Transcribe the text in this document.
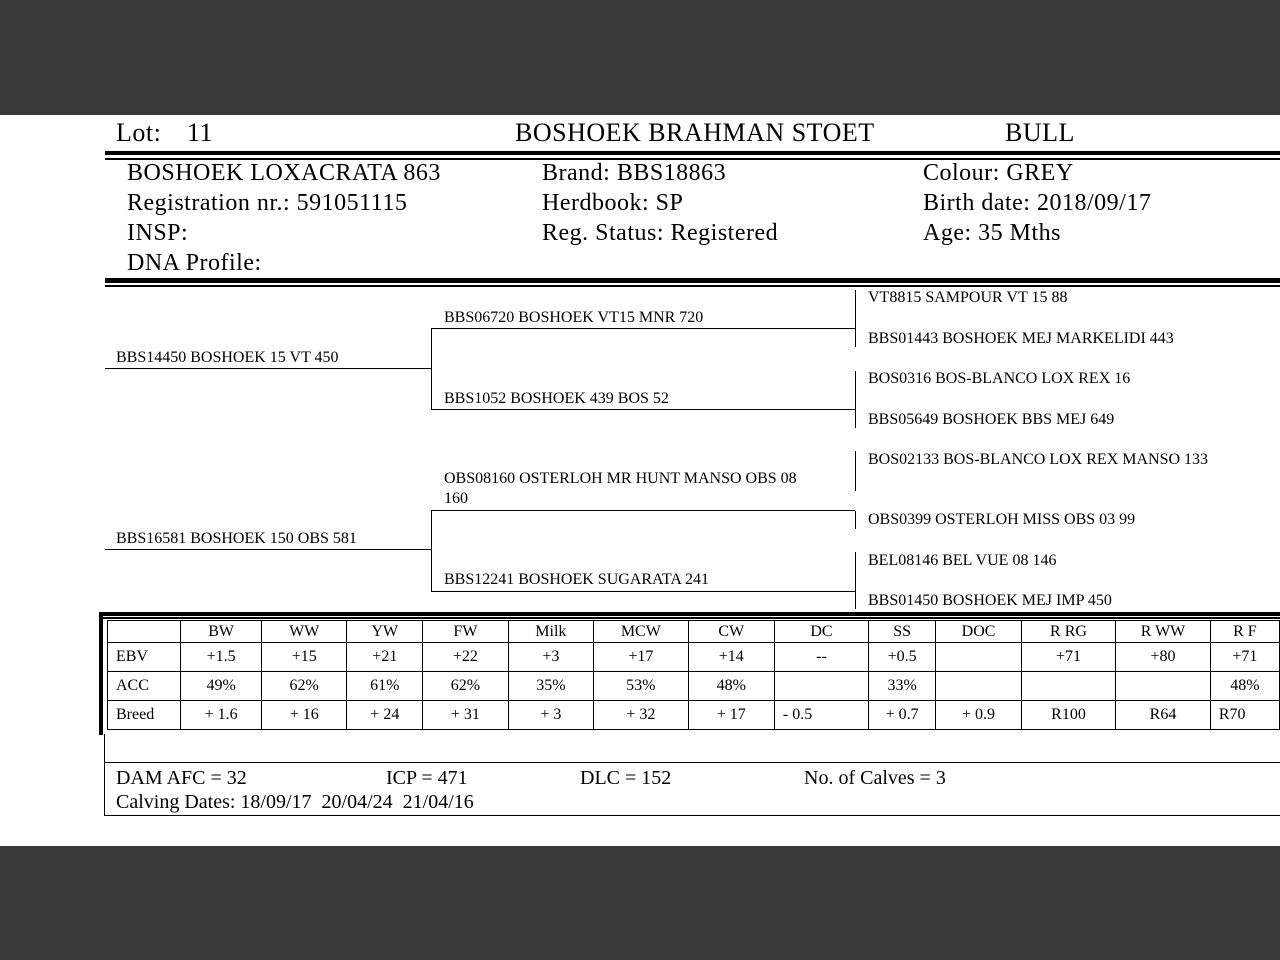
Lot: 11	BOSHOEK BRAHMAN STOET	BULL
BOSHOEK LOXACRATA 863
Registration nr.: 591051115
INSP:
DNA Profile:
Brand: BBS18863
Herdbook: SP
Reg. Status: Registered
Colour: GREY
Birth date: 2018/09/17
Age: 35 Mths
BBS14450 BOSHOEK 15 VT 450
BBS16581 BOSHOEK 150 OBS 581
BBS06720 BOSHOEK VT15 MNR 720
BBS1052 BOSHOEK 439 BOS 52
OBS08160 OSTERLOH MR HUNT MANSO OBS 08
160
BBS12241 BOSHOEK SUGARATA 241
VT8815 SAMPOUR VT 15 88
BBS01443 BOSHOEK MEJ MARKELIDI 443
BOS0316 BOS-BLANCO LOX REX 16
BBS05649 BOSHOEK BBS MEJ 649
BOS02133 BOS-BLANCO LOX REX MANSO 133
OBS0399 OSTERLOH MISS OBS 03 99
BEL08146 BEL VUE 08 146
BBS01450 BOSHOEK MEJ IMP 450
	BW	WW	YW	FW	Milk	MCW	CW	DC	SS	DOC	R RG	R WW	R F
EBV	+1.5	+15	+21	+22	+3	+17	+14	--	+0.5		+71	+80	+71
ACC	49%	62%	61%	62%	35%	53%	48%		33%				48%
Breed	+ 1.6	+ 16	+ 24	+ 31	+ 3	+ 32	+ 17	- 0.5	+ 0.7	+ 0.9	R100	R64	R70
DAM AFC = 32	ICP = 471	DLC = 152	No. of Calves = 3
Calving Dates: 18/09/17  20/04/24  21/04/16
